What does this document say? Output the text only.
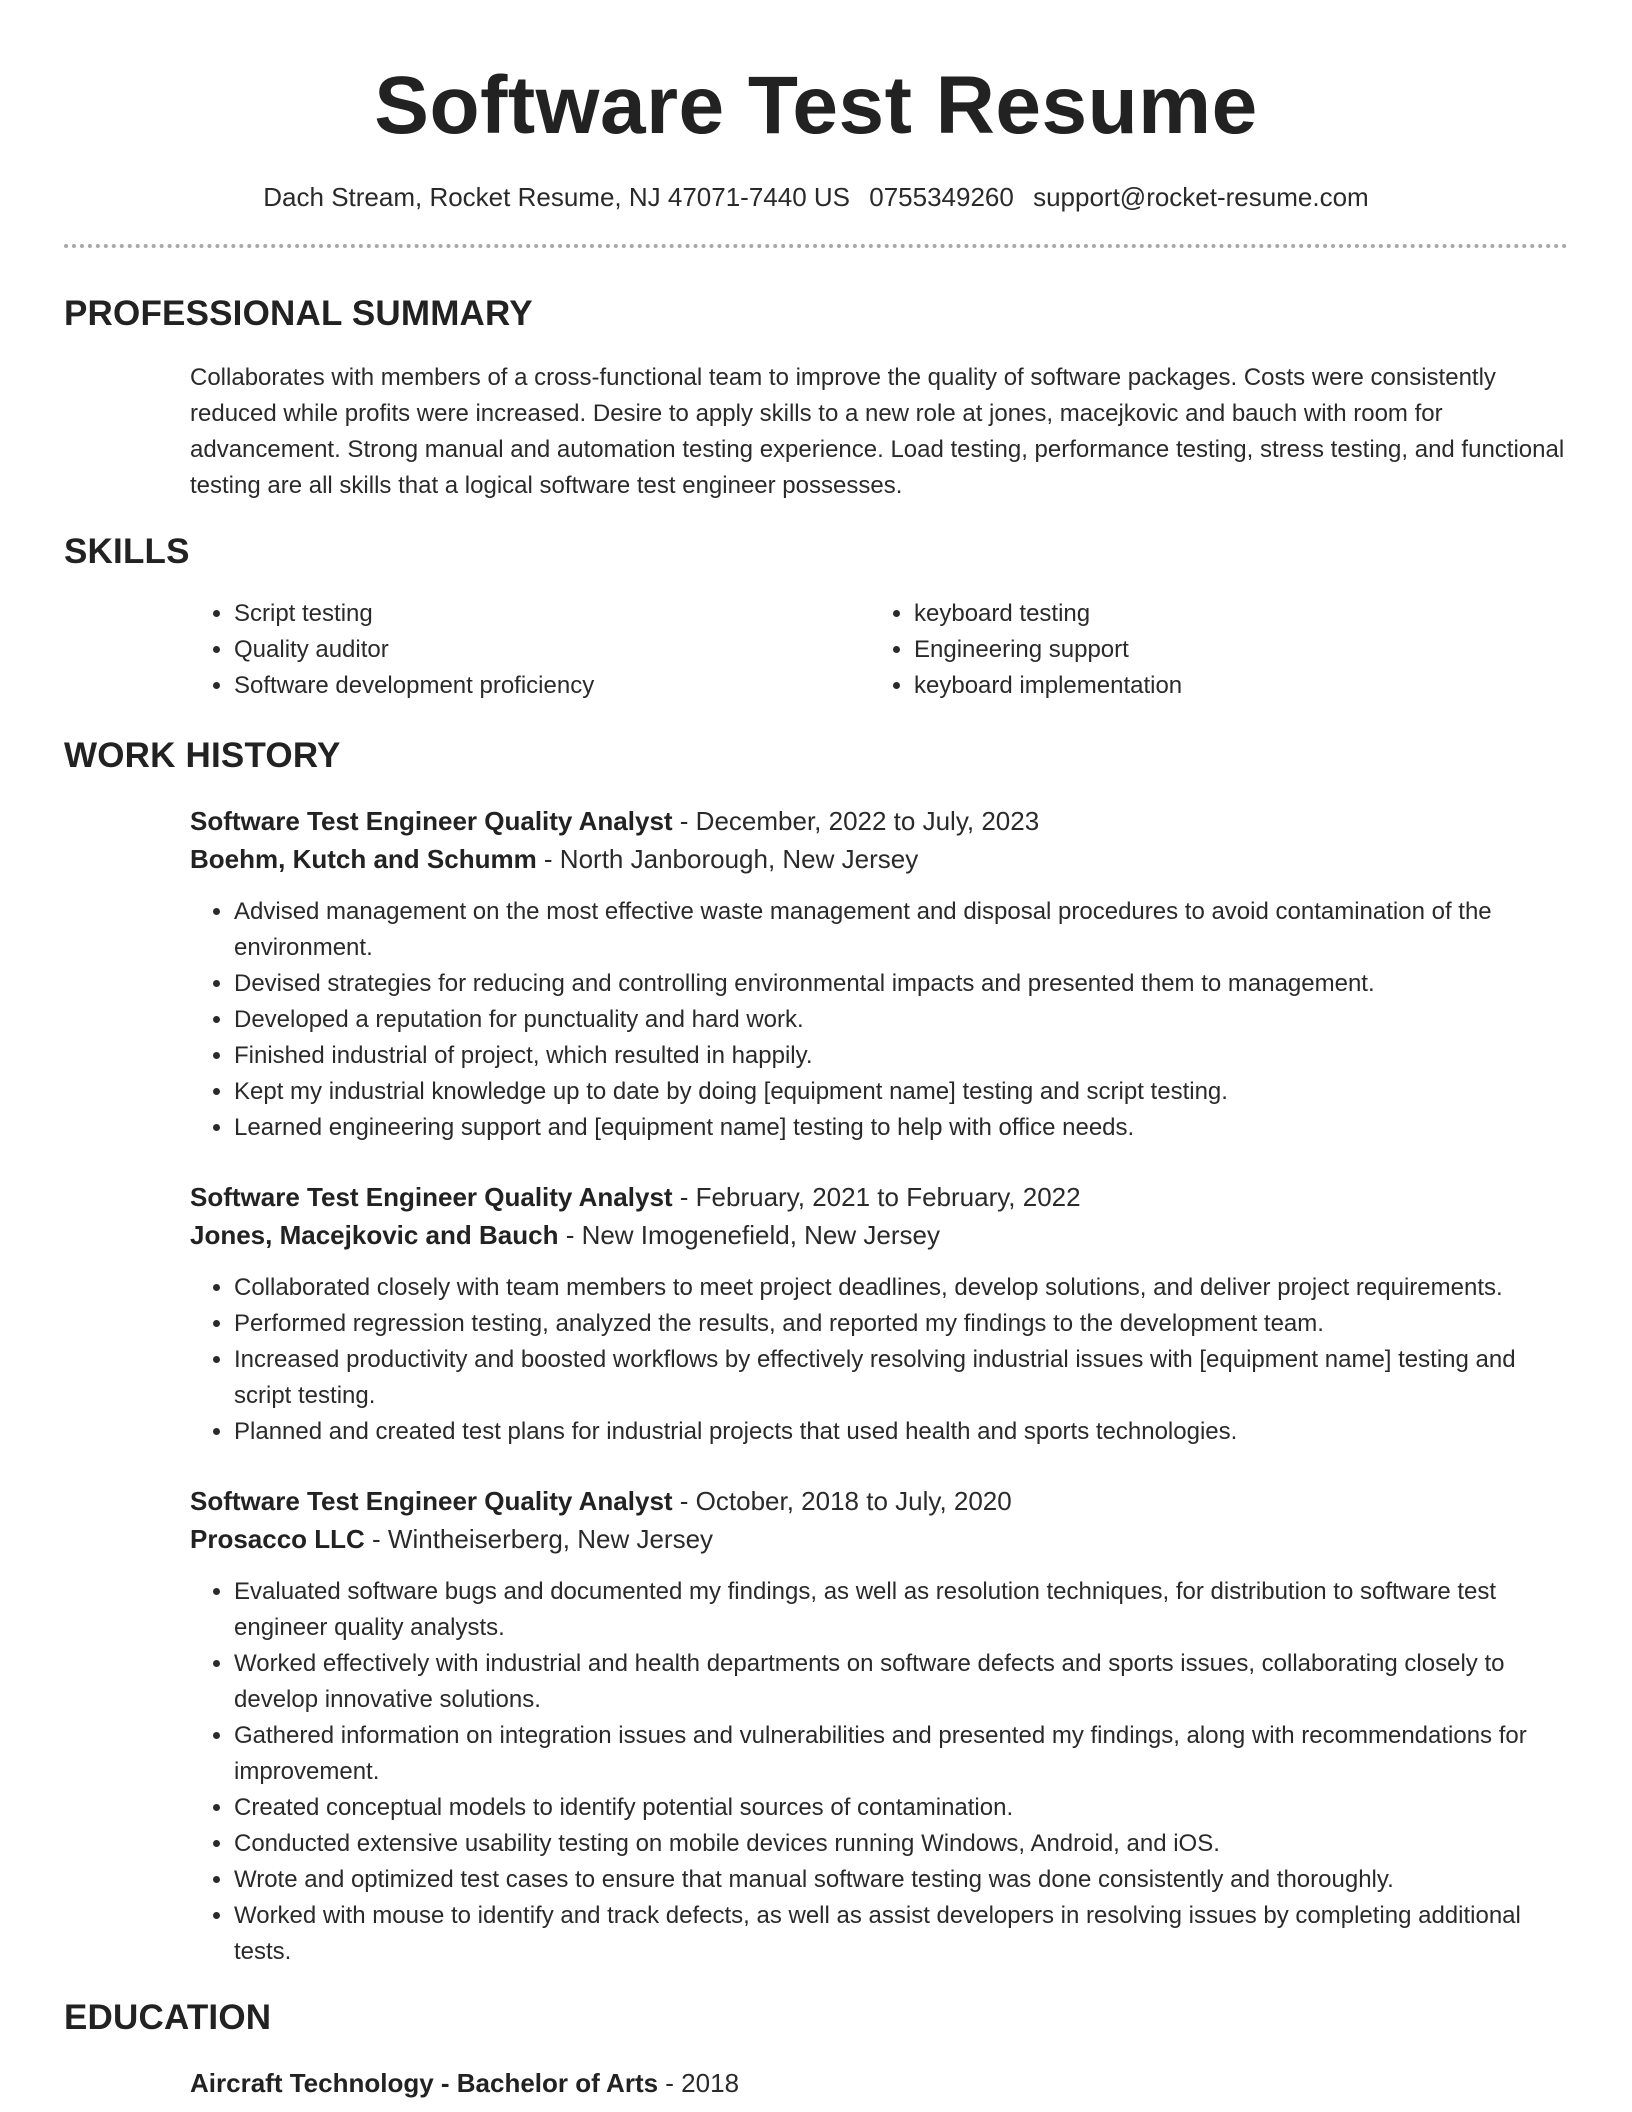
Software Test Resume
Dach Stream, Rocket Resume, NJ 47071-7440 US 0755349260 support@rocket-resume.com
PROFESSIONAL SUMMARY

Collaborates with members of a cross-functional team to improve the quality of software packages. Costs were consistently reduced while profits were increased. Desire to apply skills to a new role at jones, macejkovic and bauch with room for advancement. Strong manual and automation testing experience. Load testing, performance testing, stress testing, and functional testing are all skills that a logical software test engineer possesses.

SKILLS
• Script testing
• Quality auditor
• Software development proficiency
• keyboard testing
• Engineering support
• keyboard implementation
WORK HISTORY
Software Test Engineer Quality Analyst - December, 2022 to July, 2023
Boehm, Kutch and Schumm - North Janborough, New Jersey
• Advised management on the most effective waste management and disposal procedures to avoid contamination of the environment.
• Devised strategies for reducing and controlling environmental impacts and presented them to management.
• Developed a reputation for punctuality and hard work.
• Finished industrial of project, which resulted in happily.
• Kept my industrial knowledge up to date by doing [equipment name] testing and script testing.
• Learned engineering support and [equipment name] testing to help with office needs.
Software Test Engineer Quality Analyst - February, 2021 to February, 2022
Jones, Macejkovic and Bauch - New Imogenefield, New Jersey
• Collaborated closely with team members to meet project deadlines, develop solutions, and deliver project requirements.
• Performed regression testing, analyzed the results, and reported my findings to the development team.
• Increased productivity and boosted workflows by effectively resolving industrial issues with [equipment name] testing and script testing.
• Planned and created test plans for industrial projects that used health and sports technologies.
Software Test Engineer Quality Analyst - October, 2018 to July, 2020
Prosacco LLC - Wintheiserberg, New Jersey
• Evaluated software bugs and documented my findings, as well as resolution techniques, for distribution to software test engineer quality analysts.
• Worked effectively with industrial and health departments on software defects and sports issues, collaborating closely to develop innovative solutions.
• Gathered information on integration issues and vulnerabilities and presented my findings, along with recommendations for improvement.
• Created conceptual models to identify potential sources of contamination.
• Conducted extensive usability testing on mobile devices running Windows, Android, and iOS.
• Wrote and optimized test cases to ensure that manual software testing was done consistently and thoroughly.
• Worked with mouse to identify and track defects, as well as assist developers in resolving issues by completing additional tests.
EDUCATION
Aircraft Technology - Bachelor of Arts - 2018
